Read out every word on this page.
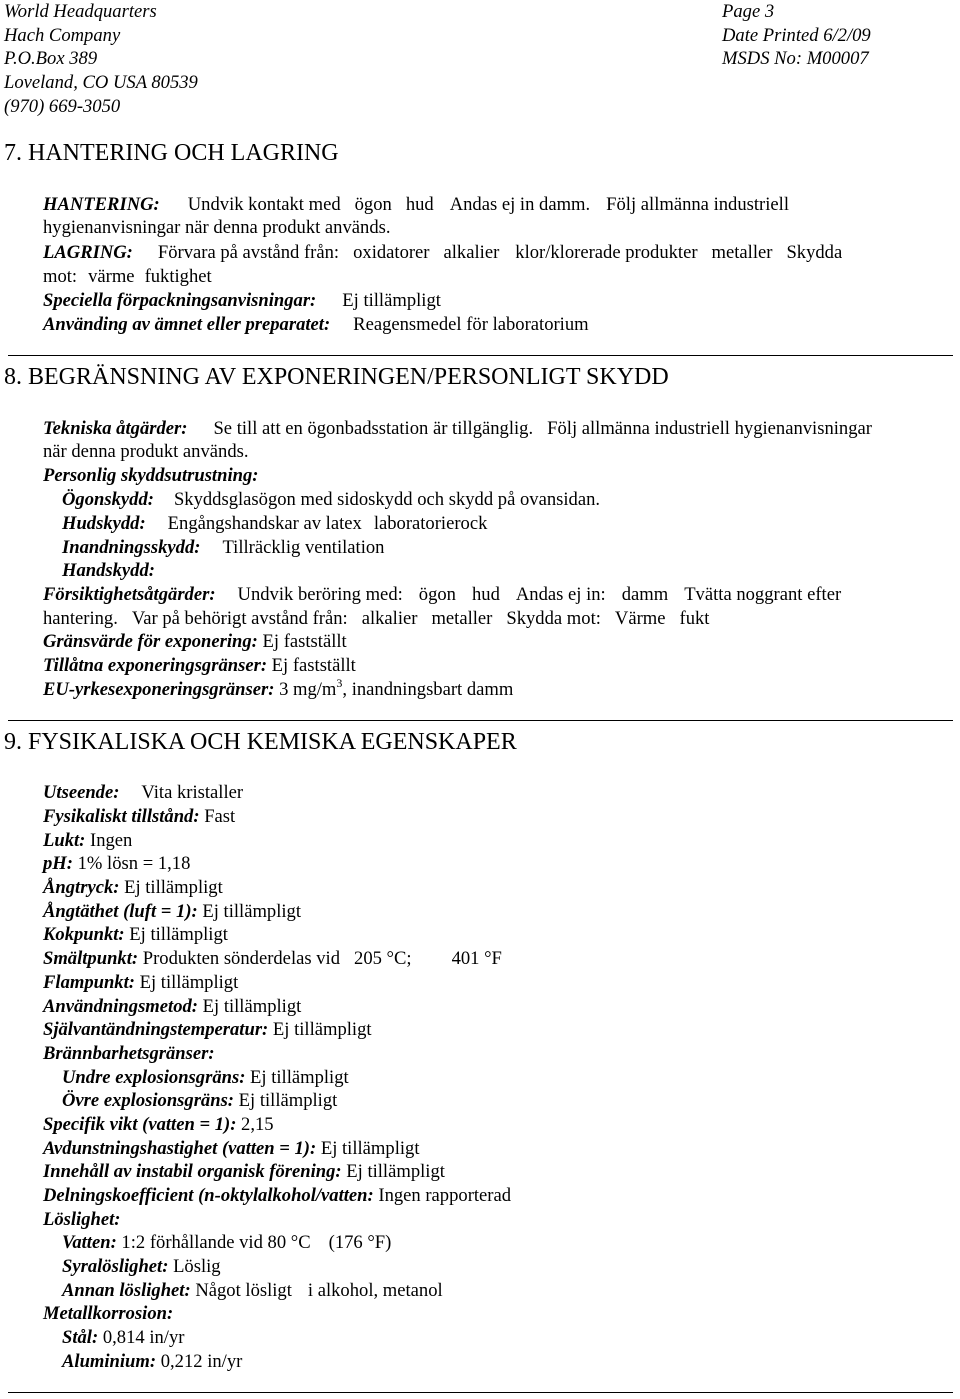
World Headquarters
Hach Company
P.O.Box 389
Loveland, CO USA 80539
(970) 669-3050
Page 3
Date Printed 6/2/09
MSDS No: M00007
7. HANTERING OCH LAGRING
HANTERING: Undvik kontakt med ögon hud Andas ej in damm. Följ allmänna industriell
hygienanvisningar när denna produkt används.
LAGRING: Förvara på avstånd från: oxidatorer alkalier klor/klorerade produkter metaller Skydda
mot: värme fuktighet
Speciella förpackningsanvisningar: Ej tillämpligt
Använding av ämnet eller preparatet: Reagensmedel för laboratorium
8. BEGRÄNSNING AV EXPONERINGEN/PERSONLIGT SKYDD
Tekniska åtgärder: Se till att en ögonbadsstation är tillgänglig. Följ allmänna industriell hygienanvisningar
när denna produkt används.
Personlig skyddsutrustning:
Ögonskydd: Skyddsglasögon med sidoskydd och skydd på ovansidan.
Hudskydd: Engångshandskar av latex laboratorierock
Inandningsskydd: Tillräcklig ventilation
Handskydd:
Försiktighetsåtgärder: Undvik beröring med: ögon hud Andas ej in: damm Tvätta noggrant efter
hantering. Var på behörigt avstånd från: alkalier metaller Skydda mot: Värme fukt
Gränsvärde för exponering: Ej fastställt
Tillåtna exponeringsgränser: Ej fastställt
EU-yrkesexponeringsgränser: 3 $mg/m^3$, inandningsbart damm
9. FYSIKALISKA OCH KEMISKA EGENSKAPER
Utseende: Vita kristaller
Fysikaliskt tillstånd: Fast
Lukt: Ingen
pH: 1% lösn = 1,18
Ångtryck: Ej tillämpligt
Ångtäthet (luft = 1): Ej tillämpligt
Kokpunkt: Ej tillämpligt
Smältpunkt: Produkten sönderdelas vid 205 °C; 401 °F
Flampunkt: Ej tillämpligt
Användningsmetod: Ej tillämpligt
Självantändningstemperatur: Ej tillämpligt
Brännbarhetsgränser:
Undre explosionsgräns: Ej tillämpligt
Övre explosionsgräns: Ej tillämpligt
Specifik vikt (vatten = 1): 2,15
Avdunstningshastighet (vatten = 1): Ej tillämpligt
Innehåll av instabil organisk förening: Ej tillämpligt
Delningskoefficient (n-oktylalkohol/vatten: Ingen rapporterad
Löslighet:
Vatten: 1:2 förhållande vid 80 °C (176 °F)
Syralöslighet: Löslig
Annan löslighet: Något lösligt i alkohol, metanol
Metallkorrosion:
Stål: 0,814 in/yr
Aluminium: 0,212 in/yr
